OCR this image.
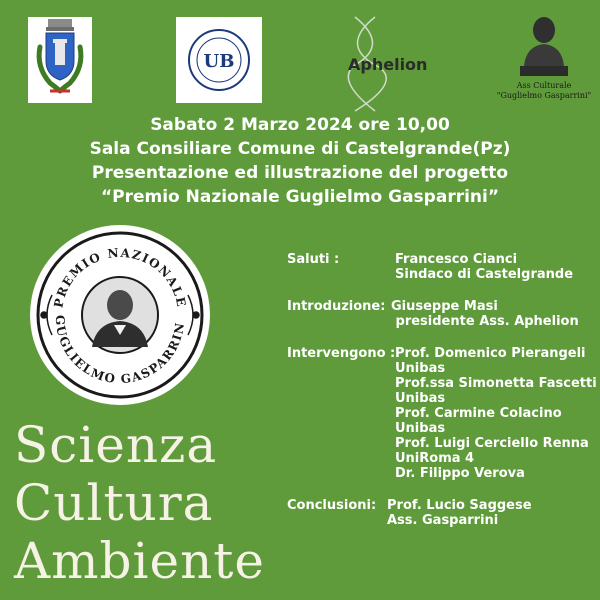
UB	Aphelion
Ass Culturale
"Guglielmo Gasparrini"
Sabato 2 Marzo 2024 ore 10,00
Sala Consiliare Comune di Castelgrande(Pz)
Presentazione ed illustrazione del progetto
“Premio Nazionale Guglielmo Gasparrini”
PREMIO NAZIONALE
GUGLIELMO GASPARRIN
Scienza
Cultura
Ambiente
Saluti :	Francesco Cianci
Sindaco di Castelgrande
Introduzione: Giuseppe Masi
presidente Ass. Aphelion
Intervengono : Prof. Domenico Pierangeli
Unibas
Prof.ssa Simonetta Fascetti
Unibas
Prof. Carmine Colacino
Unibas
Prof. Luigi Cerciello Renna
UniRoma 4
Dr. Filippo Verova
Conclusioni: Prof. Lucio Saggese
Ass. Gasparrini
